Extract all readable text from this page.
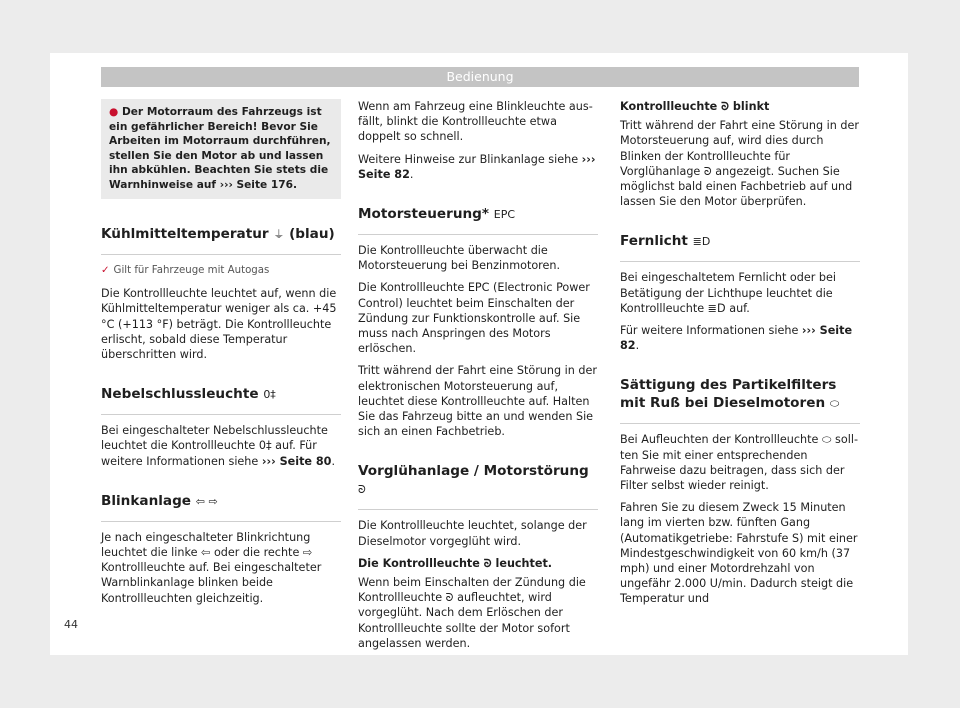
Bedienung
● Der Motorraum des Fahrzeugs ist ein gefährlicher Bereich! Bevor Sie Arbeiten im Motorraum durchführen, stellen Sie den Motor ab und lassen ihn abkühlen. Beachten Sie stets die Warnhinweise auf ››› Seite 176.
Kühlmitteltemperatur ⏚ (blau)
✓ Gilt für Fahrzeuge mit Autogas

Die Kontrollleuchte leuchtet auf, wenn die Kühlmitteltemperatur weniger als ca. +45 °C (+113 °F) beträgt. Die Kontrollleuchte erlischt, sobald diese Temperatur überschritten wird.

Nebelschlussleuchte 0‡

Bei eingeschalteter Nebelschlussleuchte leuchtet die Kontrollleuchte 0‡ auf. Für weitere Informationen siehe ››› Seite 80.

Blinkanlage ⇦ ⇨

Je nach eingeschalteter Blinkrichtung leuchtet die linke ⇦ oder die rechte ⇨ Kontrollleuchte auf. Bei eingeschalteter Warnblinkanlage blinken beide Kontrollleuchten gleichzeitig.

Wenn am Fahrzeug eine Blinkleuchte ausfällt, blinkt die Kontrollleuchte etwa doppelt so schnell.

Weitere Hinweise zur Blinkanlage siehe ››› Seite 82.

Motorsteuerung* EPC

Die Kontrollleuchte überwacht die Motorsteuerung bei Benzinmotoren.

Die Kontrollleuchte EPC (Electronic Power Control) leuchtet beim Einschalten der Zündung zur Funktionskontrolle auf. Sie muss nach Anspringen des Motors erlöschen.

Tritt während der Fahrt eine Störung in der elektronischen Motorsteuerung auf, leuchtet diese Kontrollleuchte auf. Halten Sie das Fahrzeug bitte an und wenden Sie sich an einen Fachbetrieb.

Vorglühanlage / Motorstörung ᘐ

Die Kontrollleuchte leuchtet, solange der Dieselmotor vorgeglüht wird.

Die Kontrollleuchte ᘐ leuchtet.

Wenn beim Einschalten der Zündung die Kontrollleuchte ᘐ aufleuchtet, wird vorgeglüht. Nach dem Erlöschen der Kontrollleuchte sollte der Motor sofort angelassen werden.

Kontrollleuchte ᘐ blinkt

Tritt während der Fahrt eine Störung in der Motorsteuerung auf, wird dies durch Blinken der Kontrollleuchte für Vorglühanlage ᘐ angezeigt. Suchen Sie möglichst bald einen Fachbetrieb auf und lassen Sie den Motor überprüfen.

Fernlicht ≣D

Bei eingeschaltetem Fernlicht oder bei Betätigung der Lichthupe leuchtet die Kontrollleuchte ≣D auf.

Für weitere Informationen siehe ››› Seite 82.

Sättigung des Partikelfilters mit Ruß bei Dieselmotoren ⬭

Bei Aufleuchten der Kontrollleuchte ⬭ sollten Sie mit einer entsprechenden Fahrweise dazu beitragen, dass sich der Filter selbst wieder reinigt.

Fahren Sie zu diesem Zweck 15 Minuten lang im vierten bzw. fünften Gang (Automatikgetriebe: Fahrstufe S) mit einer Mindestgeschwindigkeit von 60 km/h (37 mph) und einer Motordrehzahl von ungefähr 2.000 U/min. Dadurch steigt die Temperatur und

44
